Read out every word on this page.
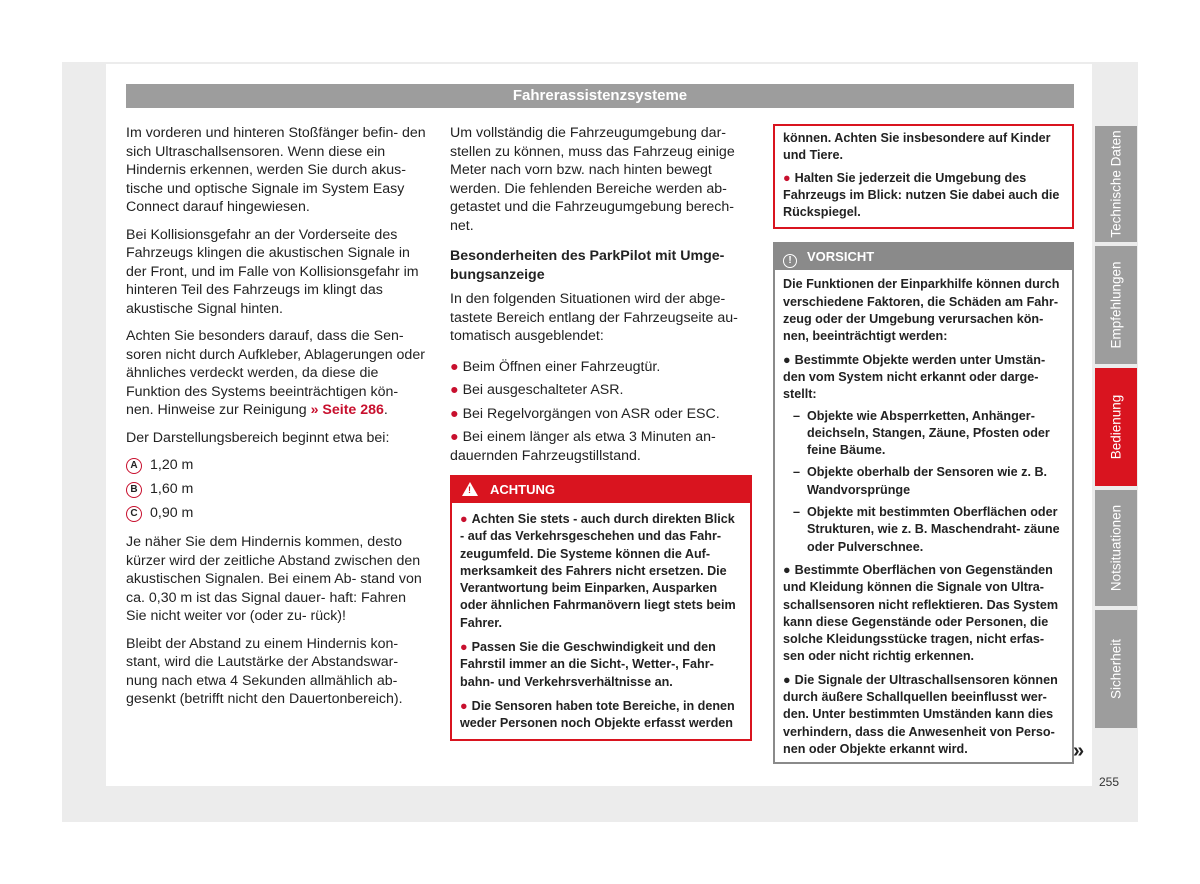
Fahrerassistenzsysteme

Im vorderen und hinteren Stoßfänger befin- den sich Ultraschallsensoren. Wenn diese ein Hindernis erkennen, werden Sie durch akus- tische und optische Signale im System Easy Connect darauf hingewiesen.

Bei Kollisionsgefahr an der Vorderseite des Fahrzeugs klingen die akustischen Signale in der Front, und im Falle von Kollisionsgefahr im hinteren Teil des Fahrzeugs im klingt das akustische Signal hinten.

Achten Sie besonders darauf, dass die Sen- soren nicht durch Aufkleber, Ablagerungen oder ähnliches verdeckt werden, da diese die Funktion des Systems beeinträchtigen kön- nen. Hinweise zur Reinigung » Seite 286.

Der Darstellungsbereich beginnt etwa bei:

A 1,20 m
B 1,60 m
C 0,90 m

Je näher Sie dem Hindernis kommen, desto kürzer wird der zeitliche Abstand zwischen den akustischen Signalen. Bei einem Ab- stand von ca. 0,30 m ist das Signal dauer- haft: Fahren Sie nicht weiter vor (oder zu- rück)!

Bleibt der Abstand zu einem Hindernis kon- stant, wird die Lautstärke der Abstandswar- nung nach etwa 4 Sekunden allmählich ab- gesenkt (betrifft nicht den Dauertonbereich).

Um vollständig die Fahrzeugumgebung dar- stellen zu können, muss das Fahrzeug einige Meter nach vorn bzw. nach hinten bewegt werden. Die fehlenden Bereiche werden ab- getastet und die Fahrzeugumgebung berech- net.

Besonderheiten des ParkPilot mit Umge- bungsanzeige

In den folgenden Situationen wird der abge- tastete Bereich entlang der Fahrzeugseite au- tomatisch ausgeblendet:

● Beim Öffnen einer Fahrzeugtür.
● Bei ausgeschalteter ASR.
● Bei Regelvorgängen von ASR oder ESC.
● Bei einem länger als etwa 3 Minuten an- dauernden Fahrzeugstillstand.
! ACHTUNG

● Achten Sie stets - auch durch direkten Blick - auf das Verkehrsgeschehen und das Fahr- zeugumfeld. Die Systeme können die Auf- merksamkeit des Fahrers nicht ersetzen. Die Verantwortung beim Einparken, Ausparken oder ähnlichen Fahrmanövern liegt stets beim Fahrer.

● Passen Sie die Geschwindigkeit und den Fahrstil immer an die Sicht-, Wetter-, Fahr- bahn- und Verkehrsverhältnisse an.

● Die Sensoren haben tote Bereiche, in denen weder Personen noch Objekte erfasst werden

können. Achten Sie insbesondere auf Kinder und Tiere.

● Halten Sie jederzeit die Umgebung des Fahrzeugs im Blick: nutzen Sie dabei auch die Rückspiegel.

! VORSICHT

Die Funktionen der Einparkhilfe können durch verschiedene Faktoren, die Schäden am Fahr- zeug oder der Umgebung verursachen kön- nen, beeinträchtigt werden:

● Bestimmte Objekte werden unter Umstän- den vom System nicht erkannt oder darge- stellt:

– Objekte wie Absperrketten, Anhänger- deichseln, Stangen, Zäune, Pfosten oder feine Bäume.
– Objekte oberhalb der Sensoren wie z. B. Wandvorsprünge
– Objekte mit bestimmten Oberflächen oder Strukturen, wie z. B. Maschendraht- zäune oder Pulverschnee.

● Bestimmte Oberflächen von Gegenständen und Kleidung können die Signale von Ultra- schallsensoren nicht reflektieren. Das System kann diese Gegenstände oder Personen, die solche Kleidungsstücke tragen, nicht erfas- sen oder nicht richtig erkennen.

● Die Signale der Ultraschallsensoren können durch äußere Schallquellen beeinflusst wer- den. Unter bestimmten Umständen kann dies verhindern, dass die Anwesenheit von Perso- nen oder Objekte erkannt wird.	»
Technische Daten
Empfehlungen
Bedienung
Notsituationen
Sicherheit
255
